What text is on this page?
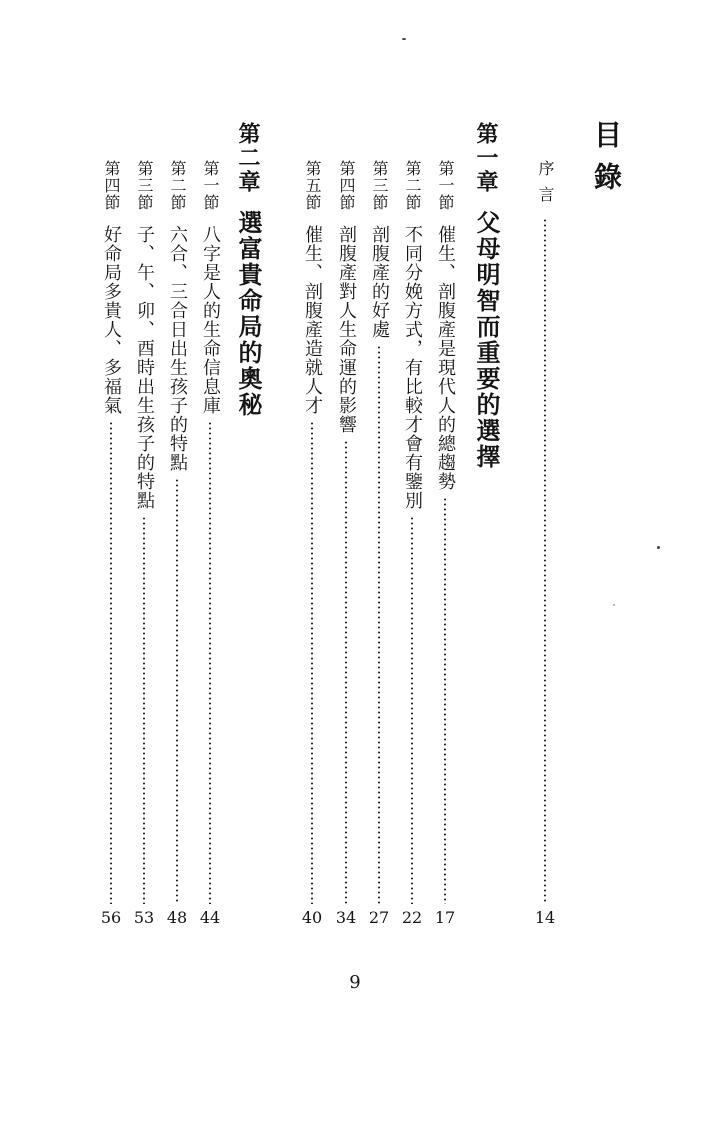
目錄
序言
14
第一章
父母明智而重要的選擇
第一節
催生、剖腹產是現代人的總趨勢
17
第二節
不同分娩方式，有比較才會有鑒別
22
第三節
剖腹產的好處
27
第四節
剖腹產對人生命運的影響
34
第五節
催生、剖腹產造就人才
40
第二章
選富貴命局的奧秘
第一節
八字是人的生命信息庫
44
第二節
六合、三合日出生孩子的特點
48
第三節
子、午、卯、酉時出生孩子的特點
53
第四節
好命局多貴人、多福氣
56
9
